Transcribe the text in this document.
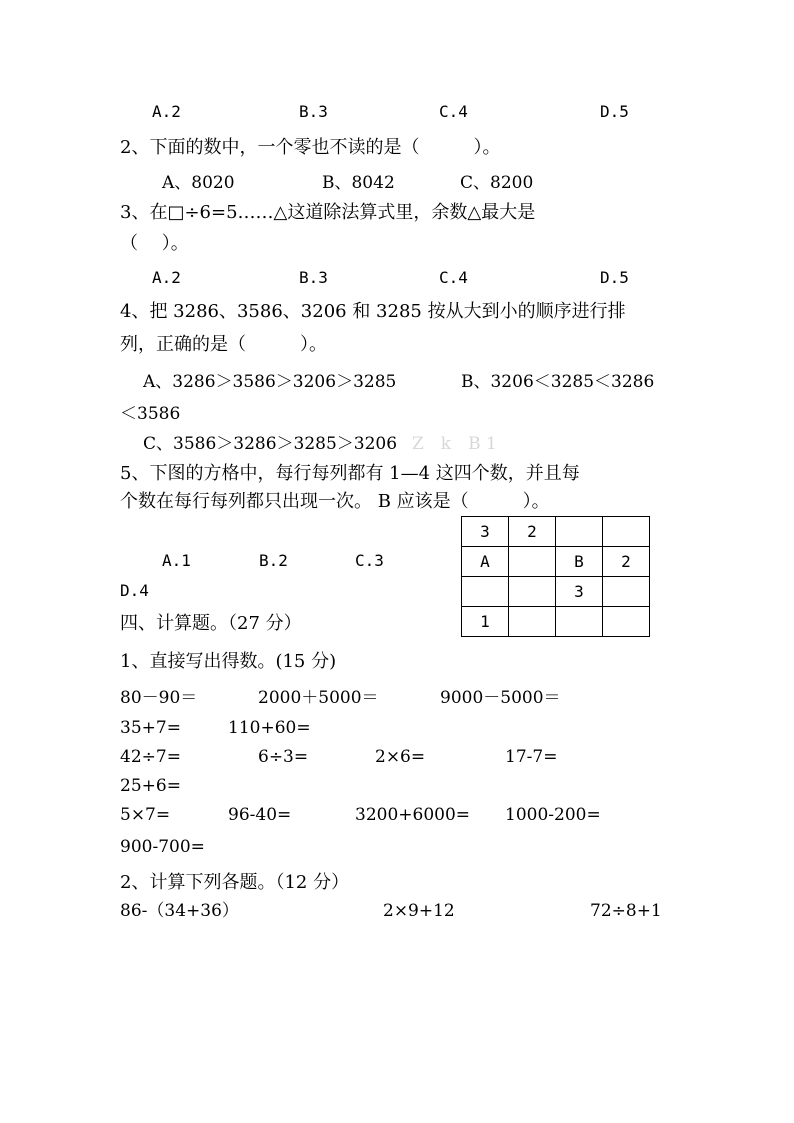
A.2	B.3	C.4	D.5
2、下面的数中，一个零也不读的是（　　　）。
A、8020	B、8042	C、8200
3、在□÷6=5……△这道除法算式里，余数△最大是
（　 ）。
A.2	B.3	C.4	D.5
4、把 3286、3586、3206 和 3285 按从大到小的顺序进行排
列，正确的是（　　　）。
A、3286＞3586＞3206＞3285	B、3206＜3285＜3286
＜3586
C、3586＞3286＞3285＞3206 Z　k　B 1
5、下图的方格中，每行每列都有 1—4 这四个数，并且每
个数在每行每列都只出现一次。 B 应该是（　　　）。
A.1	B.2	C.3
D.4
3	2		
A		B	2
		3	
1			
四、计算题。（27 分）
1、直接写出得数。(15 分)
80－90＝	2000＋5000＝	9000－5000＝
35+7=	110+60=
42÷7=	6÷3=	2×6=	17-7=
25+6=
5×7=	96-40=	3200+6000= 1000-200=
900-700=
2、计算下列各题。（12 分）
86-（34+36）	2×9+12	72÷8+1
